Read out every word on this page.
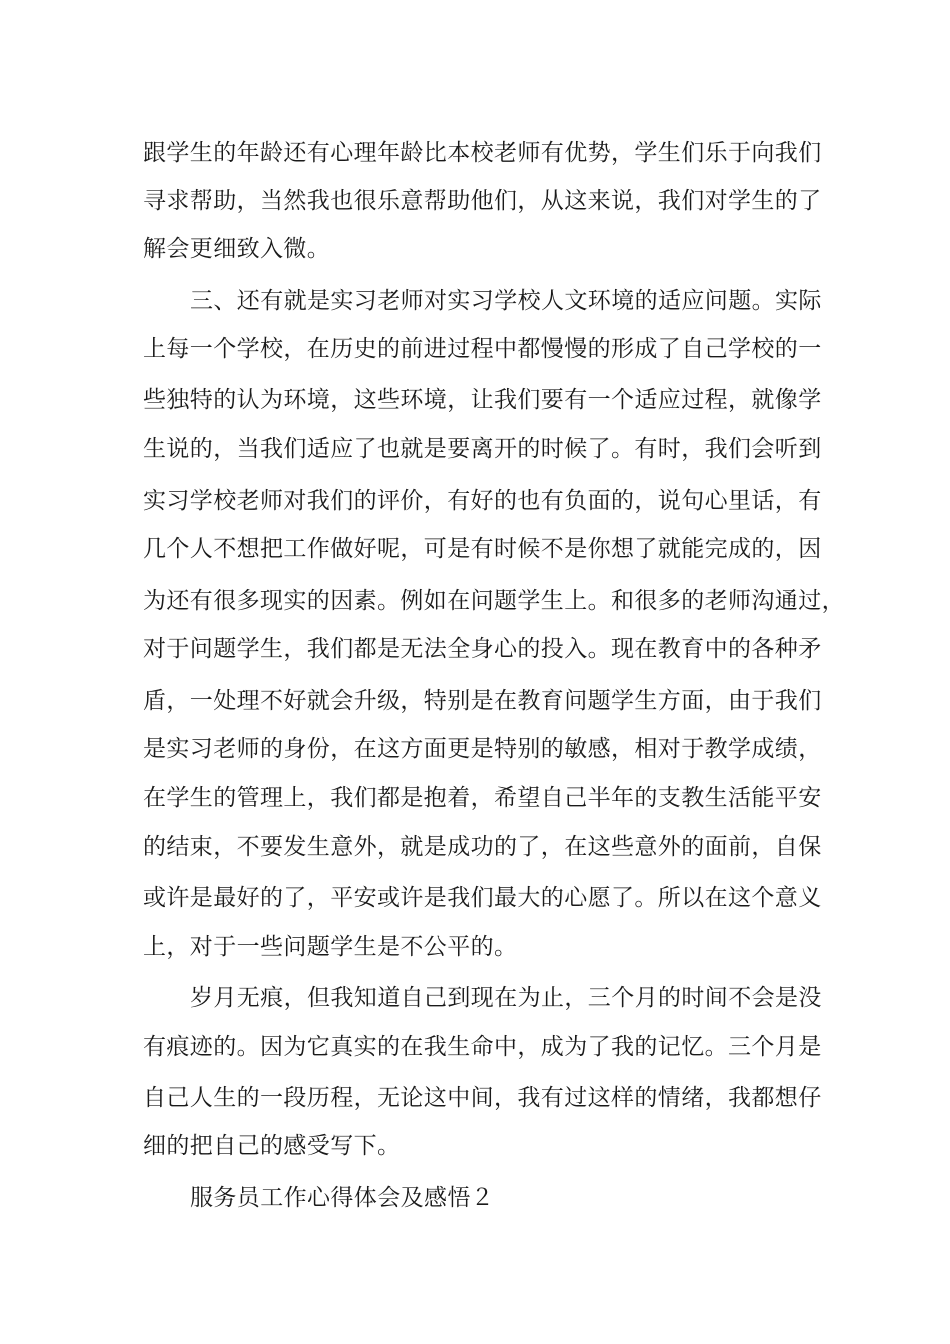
跟学生的年龄还有心理年龄比本校老师有优势，学生们乐于向我们
寻求帮助，当然我也很乐意帮助他们，从这来说，我们对学生的了
解会更细致入微。
三、还有就是实习老师对实习学校人文环境的适应问题。实际
上每一个学校，在历史的前进过程中都慢慢的形成了自己学校的一
些独特的认为环境，这些环境，让我们要有一个适应过程，就像学
生说的，当我们适应了也就是要离开的时候了。有时，我们会听到
实习学校老师对我们的评价，有好的也有负面的，说句心里话，有
几个人不想把工作做好呢，可是有时候不是你想了就能完成的，因
为还有很多现实的因素。例如在问题学生上。和很多的老师沟通过，
对于问题学生，我们都是无法全身心的投入。现在教育中的各种矛
盾，一处理不好就会升级，特别是在教育问题学生方面，由于我们
是实习老师的身份，在这方面更是特别的敏感，相对于教学成绩，
在学生的管理上，我们都是抱着，希望自己半年的支教生活能平安
的结束，不要发生意外，就是成功的了，在这些意外的面前，自保
或许是最好的了，平安或许是我们最大的心愿了。所以在这个意义
上，对于一些问题学生是不公平的。
岁月无痕，但我知道自己到现在为止，三个月的时间不会是没
有痕迹的。因为它真实的在我生命中，成为了我的记忆。三个月是
自己人生的一段历程，无论这中间，我有过这样的情绪，我都想仔
细的把自己的感受写下。
服务员工作心得体会及感悟２
